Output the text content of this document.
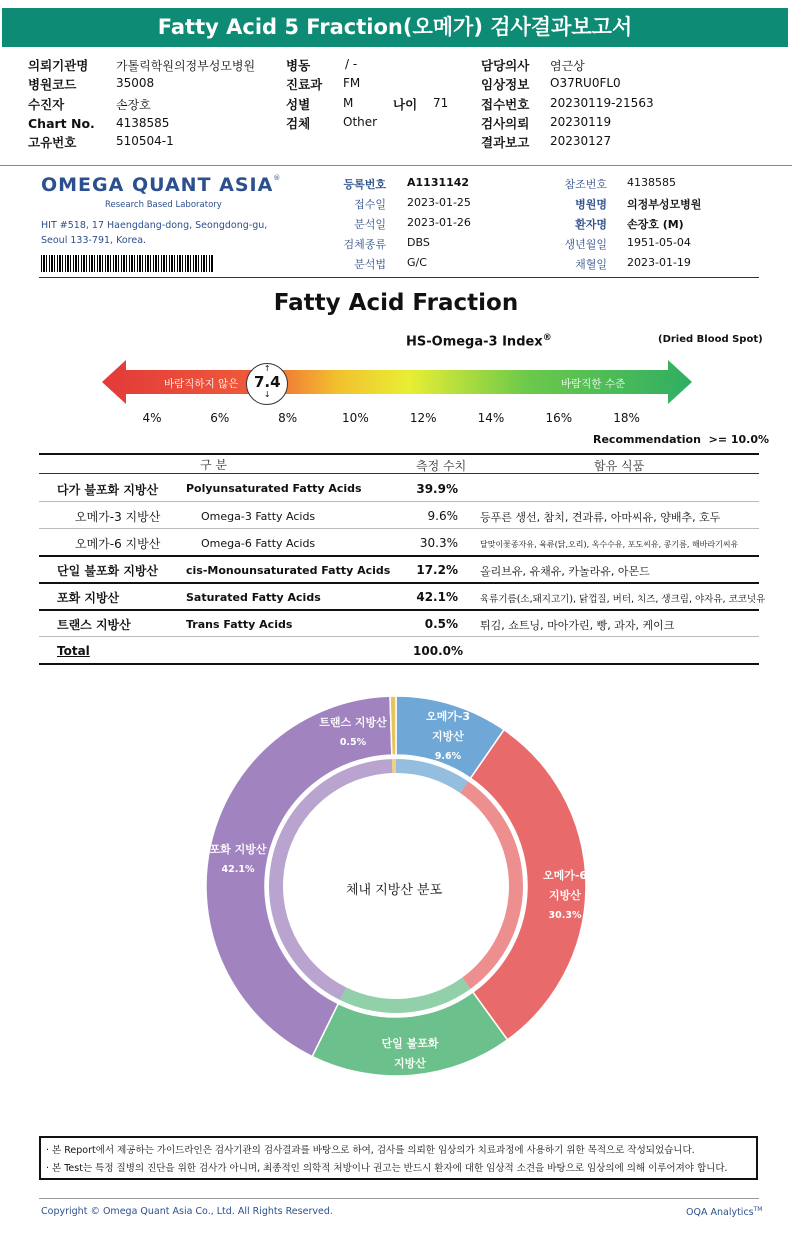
Fatty Acid 5 Fraction(오메가) 검사결과보고서
의뢰기관명 가톨릭학원의정부성모병원
병원코드	35008
수진자	손장호
Chart No. 4138585
고유번호	510504-1
병동	/ -
진료과 FM
성별	M
검체	Other
나이 71
담당의사 염근상
임상정보 O37RU0FL0
접수번호 20230119-21563
검사의뢰 20230119
결과보고 20230127
OMEGA QUANT ASIA®
Research Based Laboratory
HIT #518, 17 Haengdang-dong, Seongdong-gu,
Seoul 133-791, Korea.
등록번호 A1131142
접수일 2023-01-25
분석일 2023-01-26
검체종류 DBS
분석법 G/C
참조번호 4138585
병원명 의정부성모병원
환자명 손장호 (M)
생년월일 1951-05-04
채혈일 2023-01-19
Fatty Acid Fraction
HS-Omega-3 Index®	(Dried Blood Spot)
바람직하지 않은	바람직한 수준
↑
7.4
↓
4%	6%	8%	10%	12%	14%	16%	18%
Recommendation  >= 10.0%
구 분	측정 수치	함유 식품
다가 불포화 지방산	Polyunsaturated Fatty Acids	39.9%
오메가-3 지방산	Omega-3 Fatty Acids	9.6% 등푸른 생선, 참치, 견과류, 아마씨유, 양배추, 호두
오메가-6 지방산	Omega-6 Fatty Acids	30.3%	달맞이꽃종자유, 육류(닭,오리), 옥수수유, 포도씨유, 콩기름, 해바라기씨유
단일 불포화 지방산	cis-Monounsaturated Fatty Acids	17.2% 올리브유, 유채유, 카놀라유, 아몬드
포화 지방산	Saturated Fatty Acids	42.1% 육류기름(소,돼지고기), 닭껍질, 버터, 치즈, 생크림, 야자유, 코코넛유
트랜스 지방산	Trans Fatty Acids	0.5% 튀김, 쇼트닝, 마아가린, 빵, 과자, 케이크
Total	100.0%
체내 지방산 분포
오메가-3
지방산
9.6%
오메가-6
지방산
30.3%
단일 불포화
지방산
17.2%
포화 지방산
42.1%
트랜스 지방산
0.5%
· 본 Report에서 제공하는 가이드라인은 검사기관의 검사결과를 바탕으로 하여, 검사를 의뢰한 임상의가 치료과정에 사용하기 위한 목적으로 작성되었습니다.
· 본 Test는 특정 질병의 진단을 위한 검사가 아니며, 최종적인 의학적 처방이나 권고는 반드시 환자에 대한 임상적 소견을 바탕으로 임상의에 의해 이루어져야 합니다.
Copyright © Omega Quant Asia Co., Ltd. All Rights Reserved.	OQA Analytics™
